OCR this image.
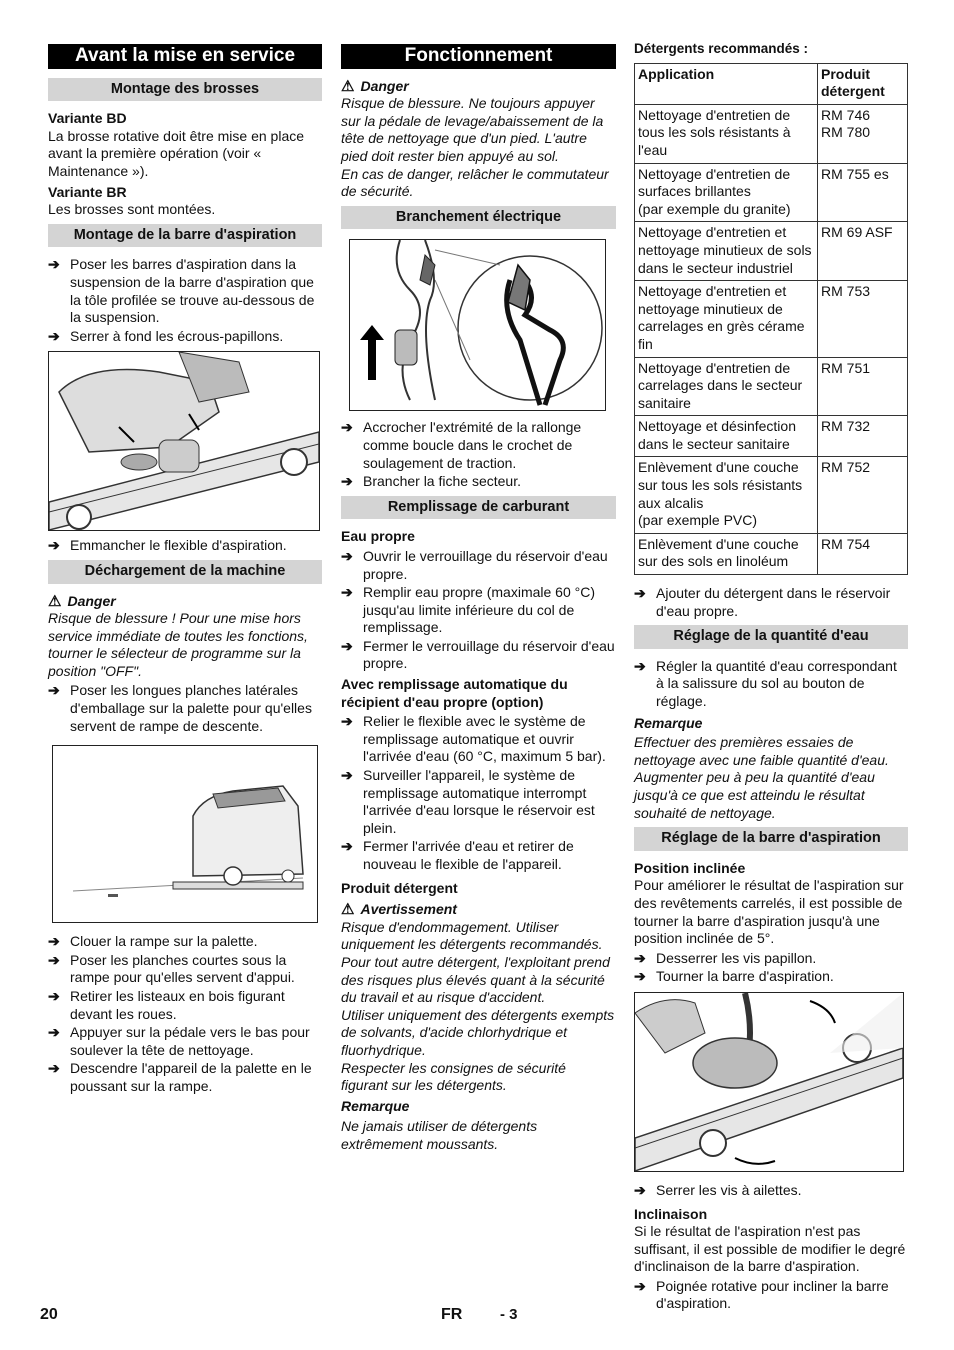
Avant la mise en service
Montage des brosses

Variante BD

La brosse rotative doit être mise en place avant la première opération (voir « Maintenance »).

Variante BR

Les brosses sont montées.

Montage de la barre d'aspiration
➔ Poser les barres d'aspiration dans la suspension de la barre d'aspiration que la tôle profilée se trouve au-dessous de la suspension.
➔ Serrer à fond les écrous-papillons.
➔ Emmancher le flexible d'aspiration.
Déchargement de la machine
⚠ Danger

Risque de blessure ! Pour une mise hors service immédiate de toutes les fonctions, tourner le sélecteur de programme sur la position "OFF".

➔ Poser les longues planches latérales d'emballage sur la palette pour qu'elles servent de rampe de descente.
➔ Clouer la rampe sur la palette.
➔ Poser les planches courtes sous la rampe pour qu'elles servent d'appui.
➔ Retirer les listeaux en bois figurant devant les roues.
➔ Appuyer sur la pédale vers le bas pour soulever la tête de nettoyage.
➔ Descendre l'appareil de la palette en le poussant sur la rampe.
Fonctionnement
⚠ Danger

Risque de blessure. Ne toujours appuyer sur la pédale de levage/abaissement de la tête de nettoyage que d'un pied. L'autre pied doit rester bien appuyé au sol.

En cas de danger, relâcher le commutateur de sécurité.

Branchement électrique
➔ Accrocher l'extrémité de la rallonge comme boucle dans le crochet de soulagement de traction.
➔ Brancher la fiche secteur.
Remplissage de carburant

Eau propre

➔ Ouvrir le verrouillage du réservoir d'eau propre.
➔ Remplir eau propre (maximale 60 °C) jusqu'au limite inférieure du col de remplissage.
➔ Fermer le verrouillage du réservoir d'eau propre.

Avec remplissage automatique du récipient d'eau propre (option)

➔ Relier le flexible avec le système de remplissage automatique et ouvrir l'arrivée d'eau (60 °C, maximum 5 bar).
➔ Surveiller l'appareil, le système de remplissage automatique interrompt l'arrivée d'eau lorsque le réservoir est plein.
➔ Fermer l'arrivée d'eau et retirer de nouveau le flexible de l'appareil.

Produit détergent

⚠ Avertissement

Risque d'endommagement. Utiliser uniquement les détergents recommandés. Pour tout autre détergent, l'exploitant prend des risques plus élevés quant à la sécurité du travail et au risque d'accident.

Utiliser uniquement des détergents exempts de solvants, d'acide chlorhydrique et fluorhydrique.

Respecter les consignes de sécurité figurant sur les détergents.

Remarque

Ne jamais utiliser de détergents extrêmement moussants.

Détergents recommandés :

Application	Produit détergent
Nettoyage d'entretien de tous les sols résistants à l'eau	RM 746
RM 780
Nettoyage d'entretien de surfaces brillantes
(par exemple du granite)	RM 755 es
Nettoyage d'entretien et nettoyage minutieux de sols dans le secteur industriel	RM 69 ASF
Nettoyage d'entretien et nettoyage minutieux de carrelages en grès cérame fin	RM 753
Nettoyage d'entretien de carrelages dans le secteur sanitaire	RM 751
Nettoyage et désinfection dans le secteur sanitaire	RM 732
Enlèvement d'une couche sur tous les sols résistants aux alcalis
(par exemple PVC)	RM 752
Enlèvement d'une couche sur des sols en linoléum	RM 754
➔ Ajouter du détergent dans le réservoir d'eau propre.
Réglage de la quantité d'eau
➔ Régler la quantité d'eau correspondant à la salissure du sol au bouton de réglage.

Remarque

Effectuer des premières essaies de nettoyage avec une faible quantité d'eau. Augmenter peu à peu la quantité d'eau jusqu'à ce que est atteindu le résultat souhaité de nettoyage.

Réglage de la barre d'aspiration

Position inclinée

Pour améliorer le résultat de l'aspiration sur des revêtements carrelés, il est possible de tourner la barre d'aspiration jusqu'à une position inclinée de 5°.

➔ Desserrer les vis papillon.
➔ Tourner la barre d'aspiration.
➔ Serrer les vis à ailettes.

Inclinaison

Si le résultat de l'aspiration n'est pas suffisant, il est possible de modifier le degré d'inclinaison de la barre d'aspiration.

➔ Poignée rotative pour incliner la barre d'aspiration.
20	FR	- 3
